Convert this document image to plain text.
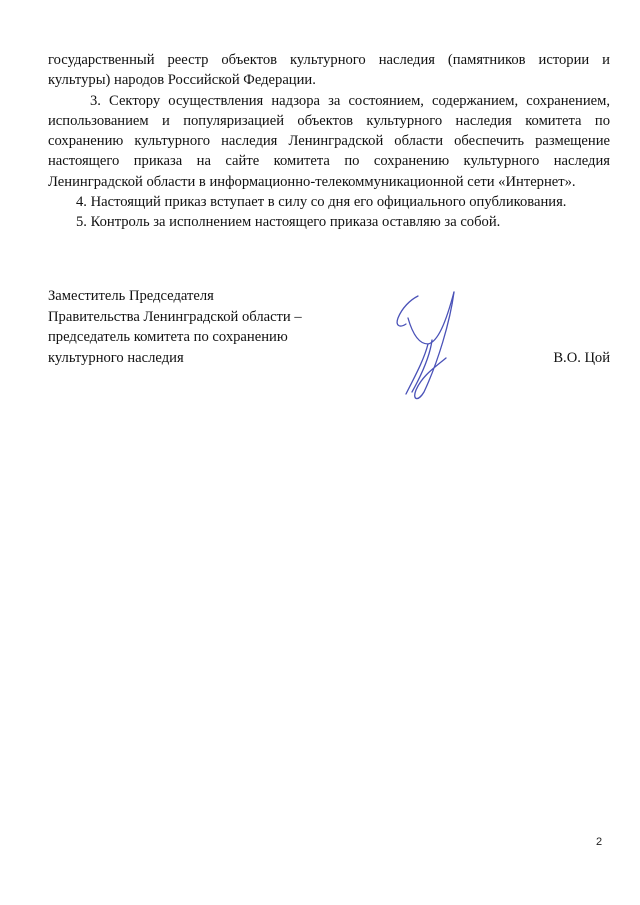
государственный реестр объектов культурного наследия (памятников истории и культуры) народов Российской Федерации.

3. Сектору осуществления надзора за состоянием, содержанием, сохранением, использованием и популяризацией объектов культурного наследия комитета по сохранению культурного наследия Ленинградской области обеспечить размещение настоящего приказа на сайте комитета по сохранению культурного наследия Ленинградской области в информационно-телекоммуникационной сети «Интернет».

4. Настоящий приказ вступает в силу со дня его официального опубликования.

5. Контроль за исполнением настоящего приказа оставляю за собой.

Заместитель Председателя
Правительства Ленинградской области –
председатель комитета по сохранению
культурного наследия	В.О. Цой
2
